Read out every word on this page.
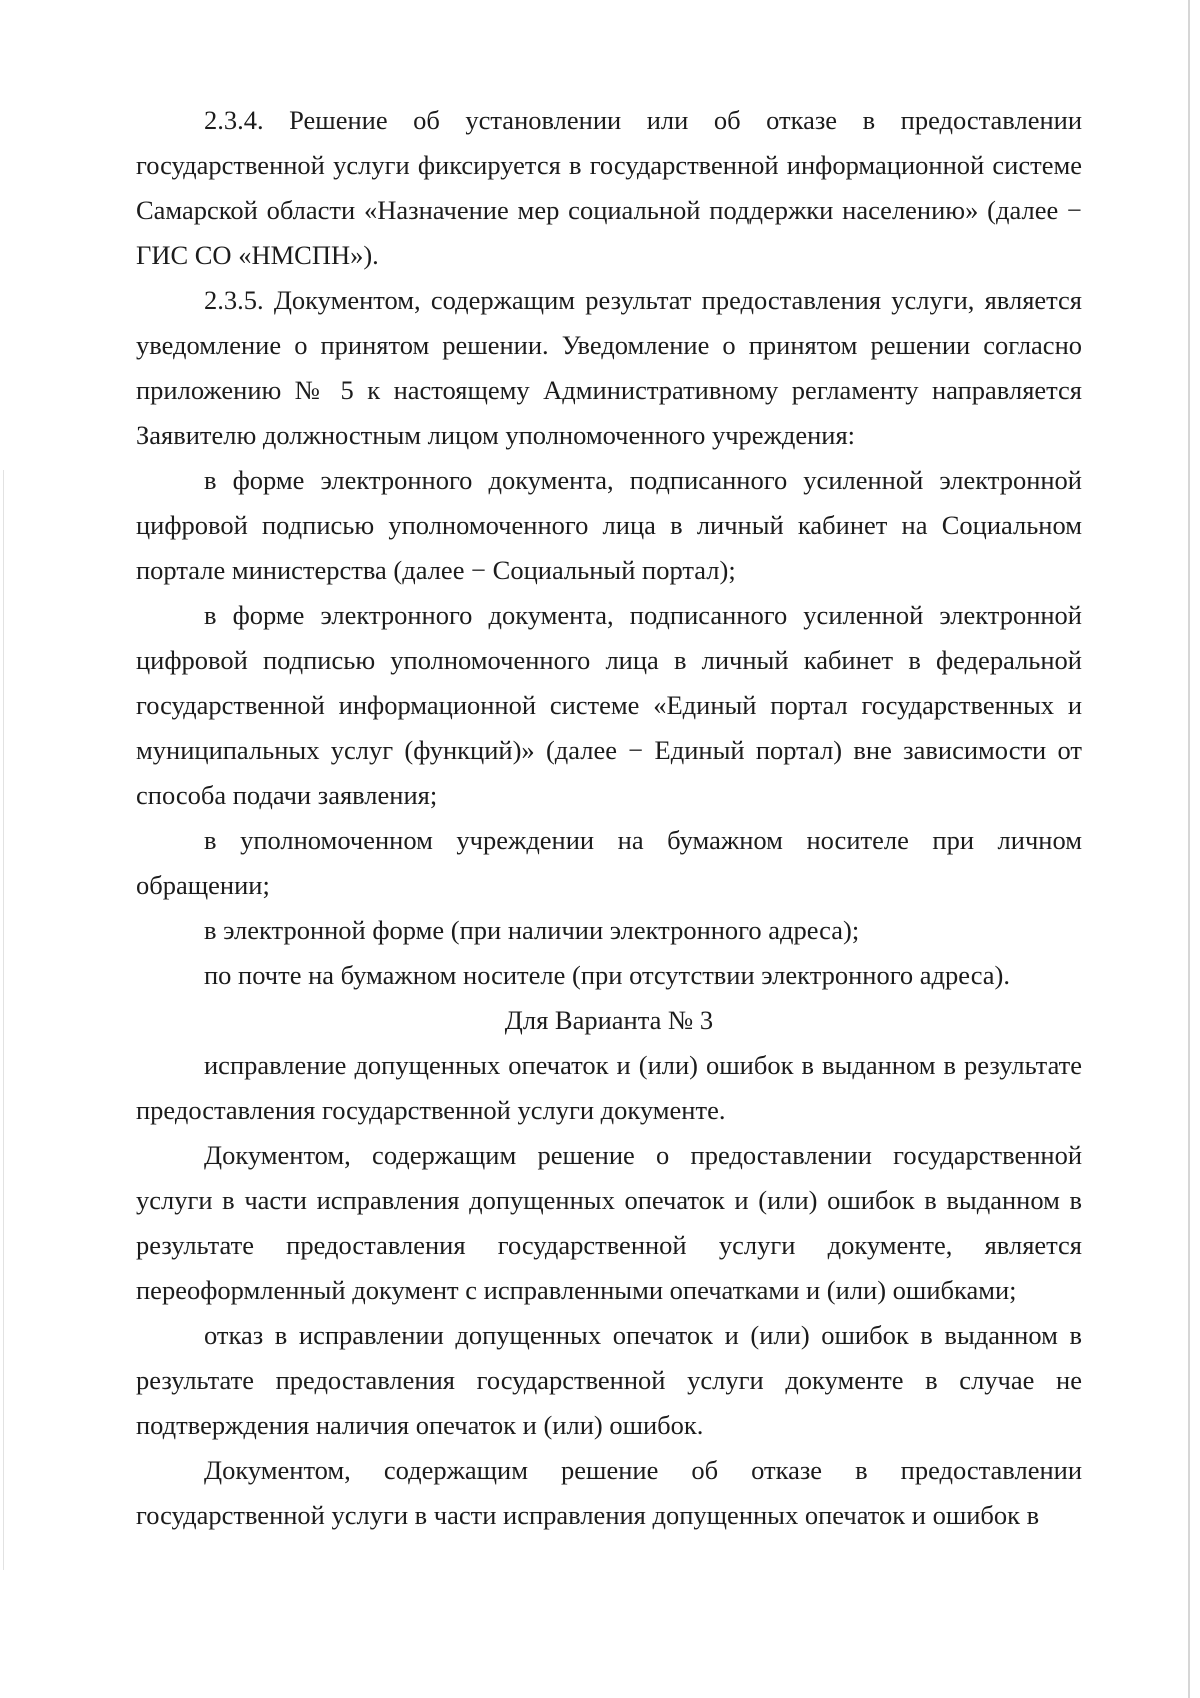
2.3.4. Решение об установлении или об отказе в предоставлении государственной услуги фиксируется в государственной информационной системе Самарской области «Назначение мер социальной поддержки населению» (далее − ГИС СО «НМСПН»).

2.3.5. Документом, содержащим результат предоставления услуги, является уведомление о принятом решении. Уведомление о принятом решении согласно приложению № 5 к настоящему Административному регламенту направляется Заявителю должностным лицом уполномоченного учреждения:

в форме электронного документа, подписанного усиленной электронной цифровой подписью уполномоченного лица в личный кабинет на Социальном портале министерства (далее − Социальный портал);

в форме электронного документа, подписанного усиленной электронной цифровой подписью уполномоченного лица в личный кабинет в федеральной государственной информационной системе «Единый портал государственных и муниципальных услуг (функций)» (далее − Единый портал) вне зависимости от способа подачи заявления;

в уполномоченном учреждении на бумажном носителе при личном обращении;

в электронной форме (при наличии электронного адреса);

по почте на бумажном носителе (при отсутствии электронного адреса).

Для Варианта № 3

исправление допущенных опечаток и (или) ошибок в выданном в результате предоставления государственной услуги документе.

Документом, содержащим решение о предоставлении государственной услуги в части исправления допущенных опечаток и (или) ошибок в выданном в результате предоставления государственной услуги документе, является переоформленный документ с исправленными опечатками и (или) ошибками;

отказ в исправлении допущенных опечаток и (или) ошибок в выданном в результате предоставления государственной услуги документе в случае не подтверждения наличия опечаток и (или) ошибок.

Документом, содержащим решение об отказе в предоставлении государственной услуги в части исправления допущенных опечаток и ошибок в
